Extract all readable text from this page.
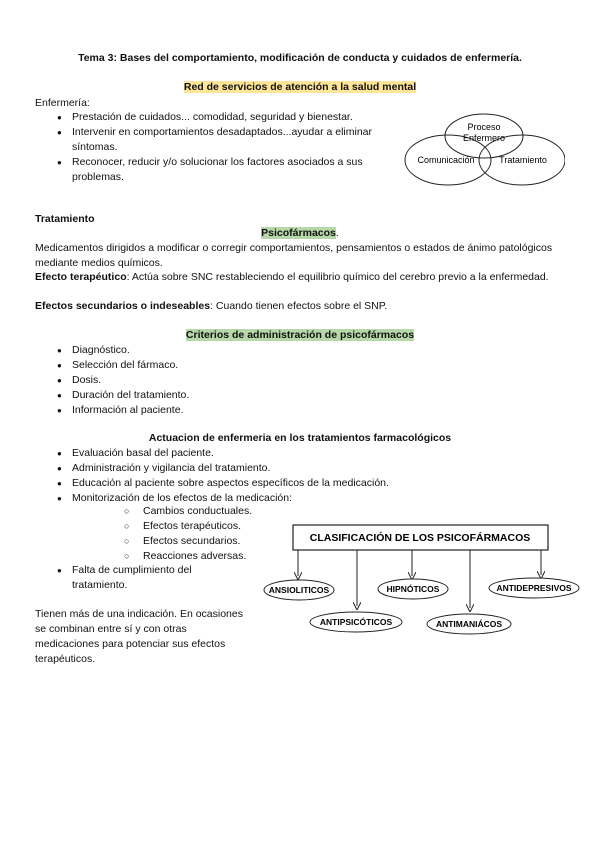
Tema 3: Bases del comportamiento, modificación de conducta y cuidados de enfermería.
Red de servicios de atención a la salud mental
Enfermería:
● Prestación de cuidados... comodidad, seguridad y bienestar.
● Intervenir en comportamientos desadaptados...ayudar a eliminar síntomas.
● Reconocer, reducir y/o solucionar los factores asociados a sus problemas.
Proceso
Enfermero
Comunicación	Tratamiento
Tratamiento
Psicofármacos.
Medicamentos dirigidos a modificar o corregir comportamientos, pensamientos o estados de ánimo patológicos mediante medios químicos.
Efecto terapéutico: Actúa sobre SNC restableciendo el equilibrio químico del cerebro previo a la enfermedad.
Efectos secundarios o indeseables: Cuando tienen efectos sobre el SNP.
Criterios de administración de psicofármacos
● Diagnóstico.
● Selección del fármaco.
● Dosis.
● Duración del tratamiento.
● Información al paciente.
Actuacion de enfermeria en los tratamientos farmacológicos
● Evaluación basal del paciente.
● Administración y vigilancia del tratamiento.
● Educación al paciente sobre aspectos específicos de la medicación.
● Monitorización de los efectos de la medicación:
○ Cambios conductuales.
○ Efectos terapéuticos.
○ Efectos secundarios.
○ Reacciones adversas.
● Falta de cumplimiento del tratamiento.
Tienen más de una indicación. En ocasiones se combinan entre sí y con otras medicaciones para potenciar sus efectos terapéuticos.
CLASIFICACIÓN DE LOS PSICOFÁRMACOS
ANSIOLITICOS	HIPNÓTICOS	ANTIDEPRESIVOS
ANTIPSICÓTICOS	ANTIMANIÁCOS
